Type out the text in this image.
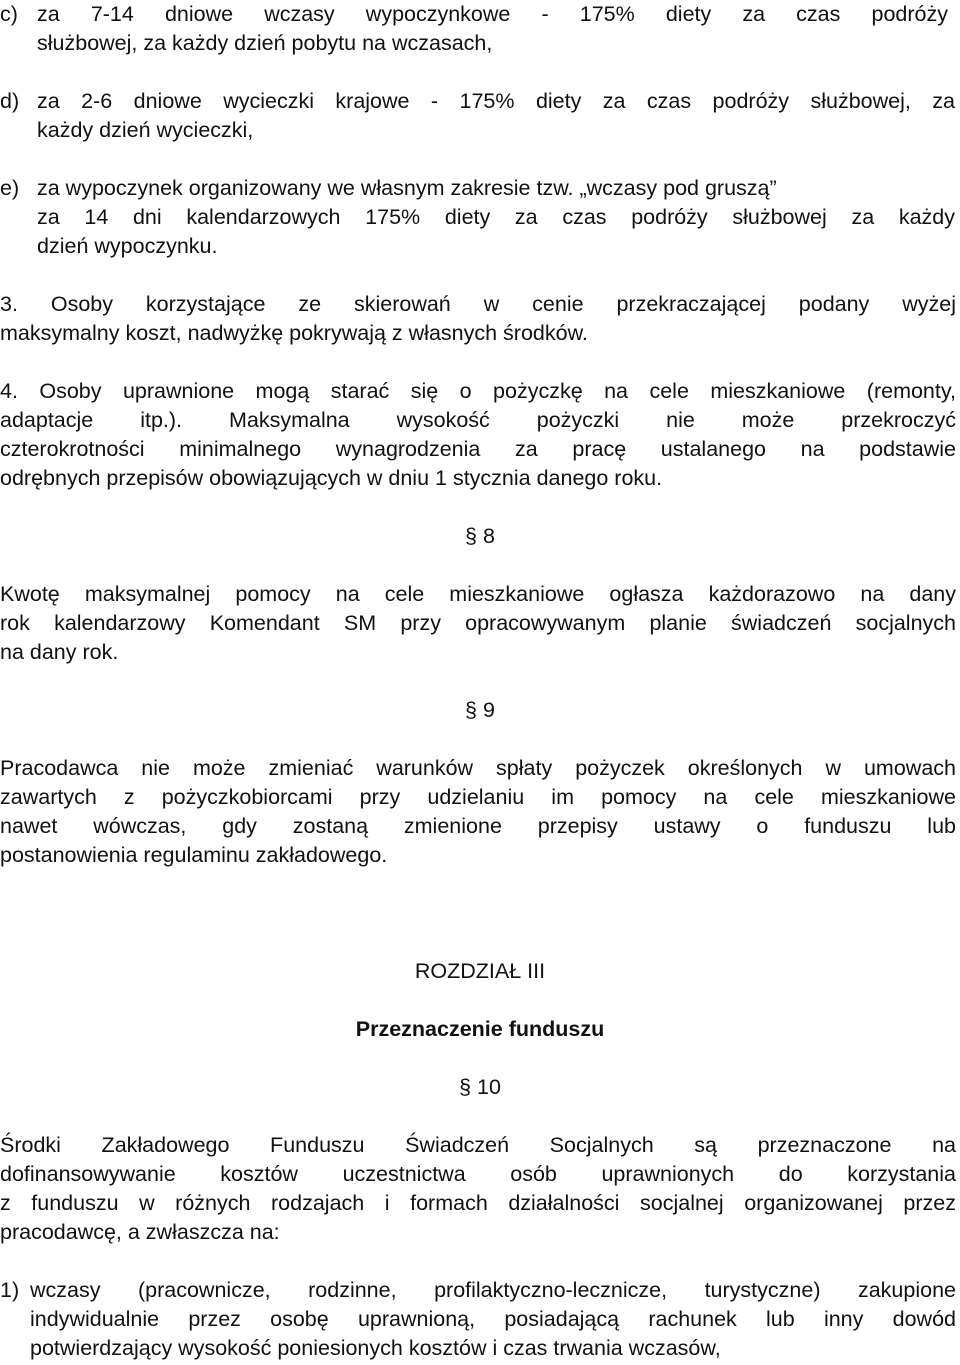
c) za 7-14 dniowe wczasy wypoczynkowe - 175% diety za czas podróży
służbowej, za każdy dzień pobytu na wczasach,
d) za 2-6 dniowe wycieczki krajowe - 175% diety za czas podróży służbowej, za
każdy dzień wycieczki,
e) za wypoczynek organizowany we własnym zakresie tzw. „wczasy pod gruszą”
za 14 dni kalendarzowych 175% diety za czas podróży służbowej za każdy
dzień wypoczynku.
3. Osoby korzystające ze skierowań w cenie przekraczającej podany wyżej
maksymalny koszt, nadwyżkę pokrywają z własnych środków.
4. Osoby uprawnione mogą starać się o pożyczkę na cele mieszkaniowe (remonty,
adaptacje itp.). Maksymalna wysokość pożyczki nie może przekroczyć
czterokrotności minimalnego wynagrodzenia za pracę ustalanego na podstawie
odrębnych przepisów obowiązujących w dniu 1 stycznia danego roku.
§ 8
Kwotę maksymalnej pomocy na cele mieszkaniowe ogłasza każdorazowo na dany
rok kalendarzowy Komendant SM przy opracowywanym planie świadczeń socjalnych
na dany rok.
§ 9
Pracodawca nie może zmieniać warunków spłaty pożyczek określonych w umowach
zawartych z pożyczkobiorcami przy udzielaniu im pomocy na cele mieszkaniowe
nawet wówczas, gdy zostaną zmienione przepisy ustawy o funduszu lub
postanowienia regulaminu zakładowego.
ROZDZIAŁ III
Przeznaczenie funduszu
§ 10
Środki Zakładowego Funduszu Świadczeń Socjalnych są przeznaczone na
dofinansowywanie kosztów uczestnictwa osób uprawnionych do korzystania
z funduszu w różnych rodzajach i formach działalności socjalnej organizowanej przez
pracodawcę, a zwłaszcza na:
1) wczasy (pracownicze, rodzinne, profilaktyczno-lecznicze, turystyczne) zakupione
indywidualnie przez osobę uprawnioną, posiadającą rachunek lub inny dowód
potwierdzający wysokość poniesionych kosztów i czas trwania wczasów,
